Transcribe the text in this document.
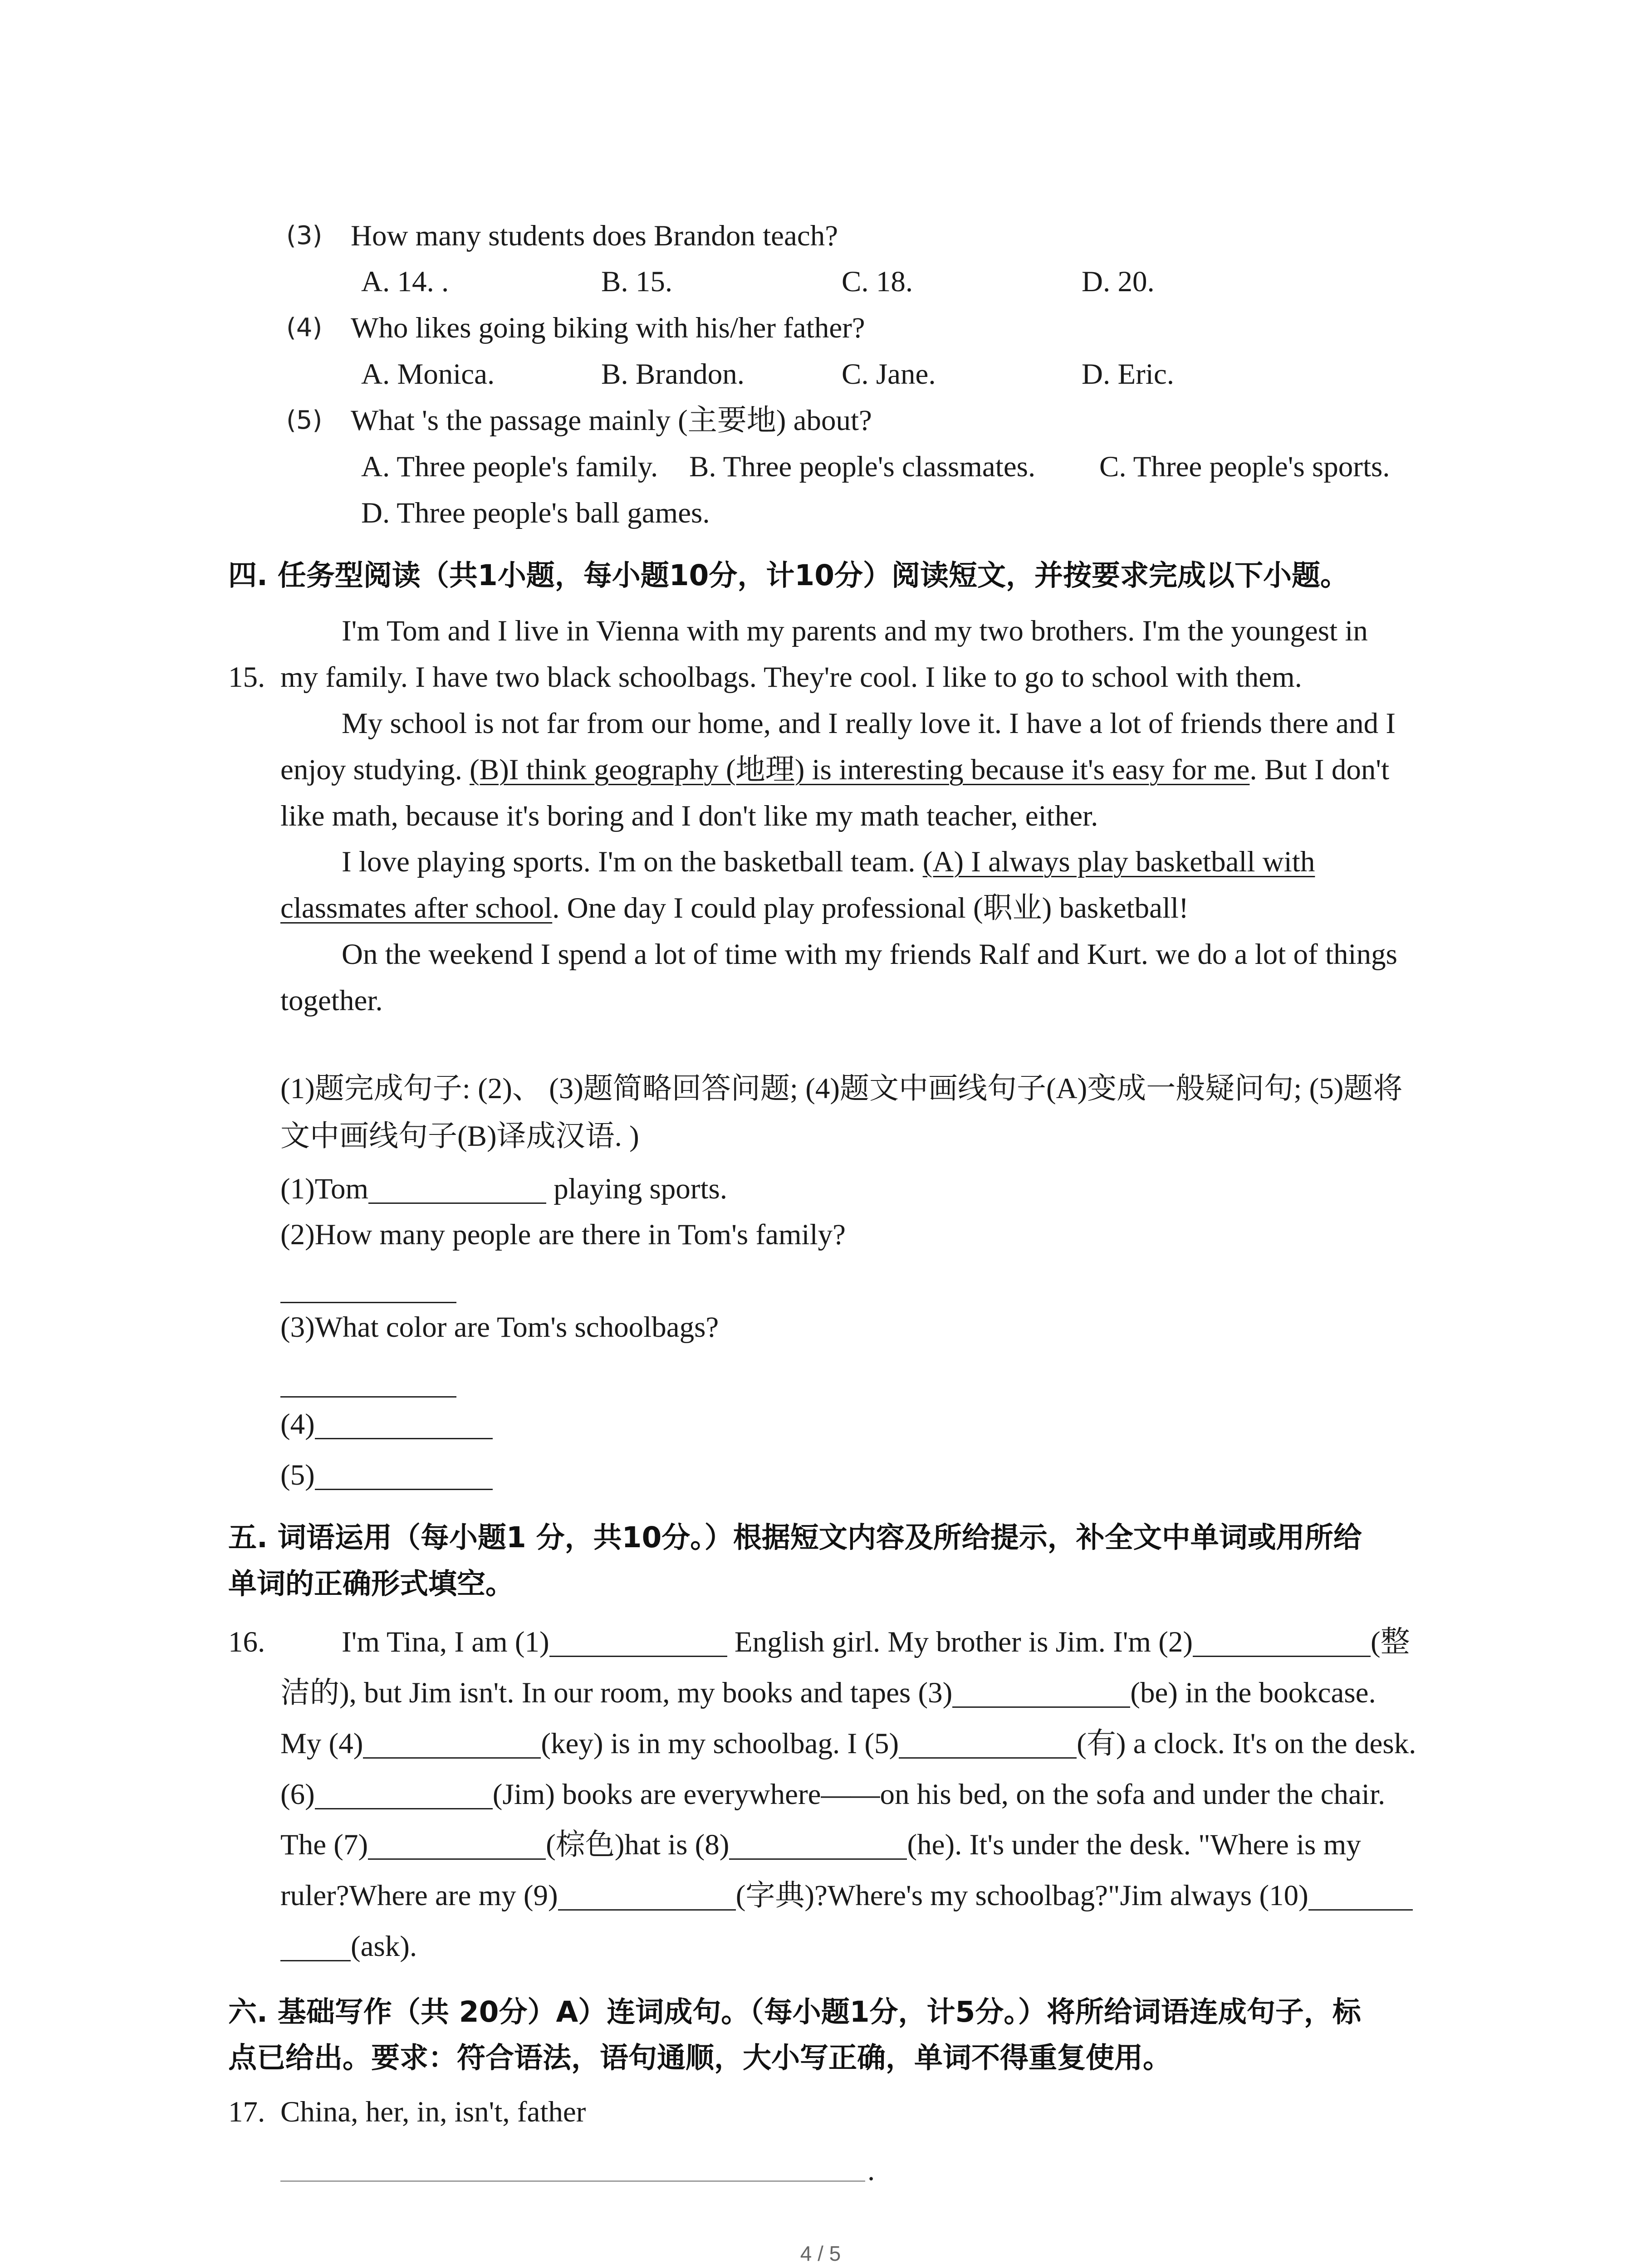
(3) How many students does Brandon teach?
A. 14. .	B. 15.	C. 18.	D. 20.
(4) Who likes going biking with his/her father?
A. Monica.	B. Brandon.	C. Jane.	D. Eric.
(5) What 's the passage mainly (主要地) about?
A. Three people's family. B. Three people's classmates. C. Three people's sports.
D. Three people's ball games.
四. 任务型阅读（共1小题，每小题10分，计10分）阅读短文，并按要求完成以下小题。
I'm Tom and I live in Vienna with my parents and my two brothers. I'm the youngest in
15. my family. I have two black schoolbags. They're cool. I like to go to school with them.
My school is not far from our home, and I really love it. I have a lot of friends there and I
enjoy studying. (B)I think geography (地理) is interesting because it's easy for me. But I don't
like math, because it's boring and I don't like my math teacher, either.
I love playing sports. I'm on the basketball team. (A) I always play basketball with
classmates after school. One day I could play professional (职业) basketball!
On the weekend I spend a lot of time with my friends Ralf and Kurt. we do a lot of things
together.
(1)题完成句子: (2)、 (3)题简略回答问题; (4)题文中画线句子(A)变成一般疑问句; (5)题将
文中画线句子(B)译成汉语. )
(1)Tom	playing sports.
(2)How many people are there in Tom's family?
(3)What color are Tom's schoolbags?
(4)
(5)
五. 词语运用（每小题1 分，共10分。）根据短文内容及所给提示，补全文中单词或用所给
单词的正确形式填空。
16.	I'm Tina, I am (1)	English girl. My brother is Jim. I'm (2)	(整
洁的), but Jim isn't. In our room, my books and tapes (3)	(be) in the bookcase.
My (4)	(key) is in my schoolbag. I (5)	(有) a clock. It's on the desk.
(6)	(Jim) books are everywhere——on his bed, on the sofa and under the chair.
The (7)	(棕色)hat is (8)	(he). It's under the desk. "Where is my
ruler?Where are my (9)	(字典)?Where's my schoolbag?"Jim always (10)
(ask).
六. 基础写作（共 20分）A）连词成句。（每小题1分，计5分。）将所给词语连成句子，标
点已给出。要求：符合语法，语句通顺，大小写正确，单词不得重复使用。
17. China, her, in, isn't, father
.
4 / 5
